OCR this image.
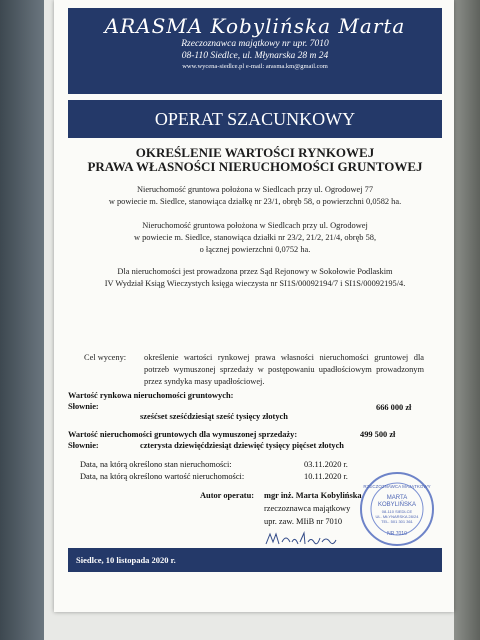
ARASMA Kobylińska Marta
Rzeczoznawca majątkowy nr upr. 7010
08-110 Siedlce, ul. Młynarska 28 m 24
www.wycena-siedlce.pl e-mail: arasma.km@gmail.com
OPERAT SZACUNKOWY
OKREŚLENIE WARTOŚCI RYNKOWEJ
PRAWA WŁASNOŚCI NIERUCHOMOŚCI GRUNTOWEJ
Nieruchomość gruntowa położona w Siedlcach przy ul. Ogrodowej 77
w powiecie m. Siedlce, stanowiąca działkę nr 23/1, obręb 58, o powierzchni 0,0582 ha.
Nieruchomość gruntowa położona w Siedlcach przy ul. Ogrodowej
w powiecie m. Siedlce, stanowiąca działki nr 23/2, 21/2, 21/4, obręb 58,
o łącznej powierzchni 0,0752 ha.
Dla nieruchomości jest prowadzona przez Sąd Rejonowy w Sokołowie Podlaskim
IV Wydział Ksiąg Wieczystych księga wieczysta nr SI1S/00092194/7 i SI1S/00092195/4.
Cel wyceny: określenie wartości rynkowej prawa własności nieruchomości gruntowej dla potrzeb wymuszonej sprzedaży w postępowaniu upadłościowym prowadzonym przez syndyka masy upadłościowej.
Wartość rynkowa nieruchomości gruntowych:
666 000 zł
Słownie:
sześćset sześćdziesiąt sześć tysięcy złotych
Wartość nieruchomości gruntowych dla wymuszonej sprzedaży:	499 500 zł
Słownie:	czterysta dziewięćdziesiąt dziewięć tysięcy pięćset złotych
Data, na którą określono stan nieruchomości:	03.11.2020 r.
Data, na którą określono wartość nieruchomości:	10.11.2020 r.
Autor operatu: mgr inż. Marta Kobylińska
rzeczoznawca majątkowy
upr. zaw. MIiB nr 7010
Siedlce, 10 listopada 2020 r.
RZECZOZNAWCA MAJĄTKOWY
MARTA
KOBYLIŃSKA
08-110 SIEDLCE
UL. MŁYNARSKA 28/24
TEL. 501 301 361
NR 7010
